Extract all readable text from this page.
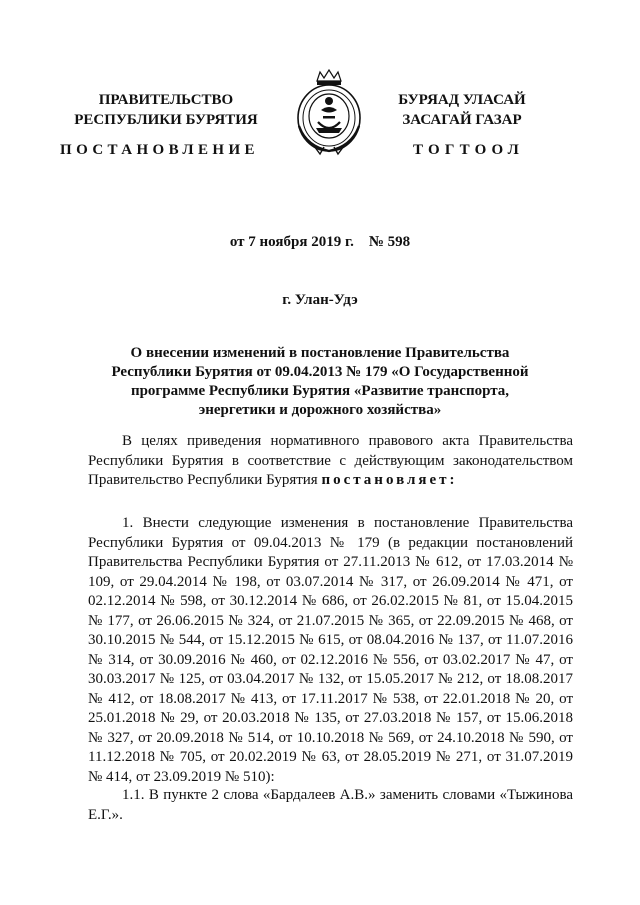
ПРАВИТЕЛЬСТВО
РЕСПУБЛИКИ БУРЯТИЯ
БУРЯАД УЛАСАЙ
ЗАСАГАЙ ГАЗАР
ПОСТАНОВЛЕНИЕ	ТОГТООЛ
от 7 ноября 2019 г.    № 598
г. Улан-Удэ
О внесении изменений в постановление Правительства
Республики Бурятия от 09.04.2013 № 179 «О Государственной
программе Республики Бурятия «Развитие транспорта,
энергетики и дорожного хозяйства»
В целях приведения нормативного правового акта Правительства Республики Бурятия в соответствие с действующим законодательством Правительство Республики Бурятия постановляет:
1. Внести следующие изменения в постановление Правительства Республики Бурятия от 09.04.2013 № 179 (в редакции постановлений Правительства Республики Бурятия от 27.11.2013 № 612, от 17.03.2014 № 109, от 29.04.2014 № 198, от 03.07.2014 № 317, от 26.09.2014 № 471, от 02.12.2014 № 598, от 30.12.2014 № 686, от 26.02.2015 № 81, от 15.04.2015 № 177, от 26.06.2015 № 324, от 21.07.2015 № 365, от 22.09.2015 № 468, от 30.10.2015 № 544, от 15.12.2015 № 615, от 08.04.2016 № 137, от 11.07.2016 № 314, от 30.09.2016 № 460, от 02.12.2016 № 556, от 03.02.2017 № 47, от 30.03.2017 № 125, от 03.04.2017 № 132, от 15.05.2017 № 212, от 18.08.2017 № 412, от 18.08.2017 № 413, от 17.11.2017 № 538, от 22.01.2018 № 20, от 25.01.2018 № 29, от 20.03.2018 № 135, от 27.03.2018 № 157, от 15.06.2018 № 327, от 20.09.2018 № 514, от 10.10.2018 № 569, от 24.10.2018 № 590, от 11.12.2018 № 705, от 20.02.2019 № 63, от 28.05.2019 № 271, от 31.07.2019 № 414, от 23.09.2019 № 510):
1.1. В пункте 2 слова «Бардалеев А.В.» заменить словами «Тыжинова Е.Г.».
